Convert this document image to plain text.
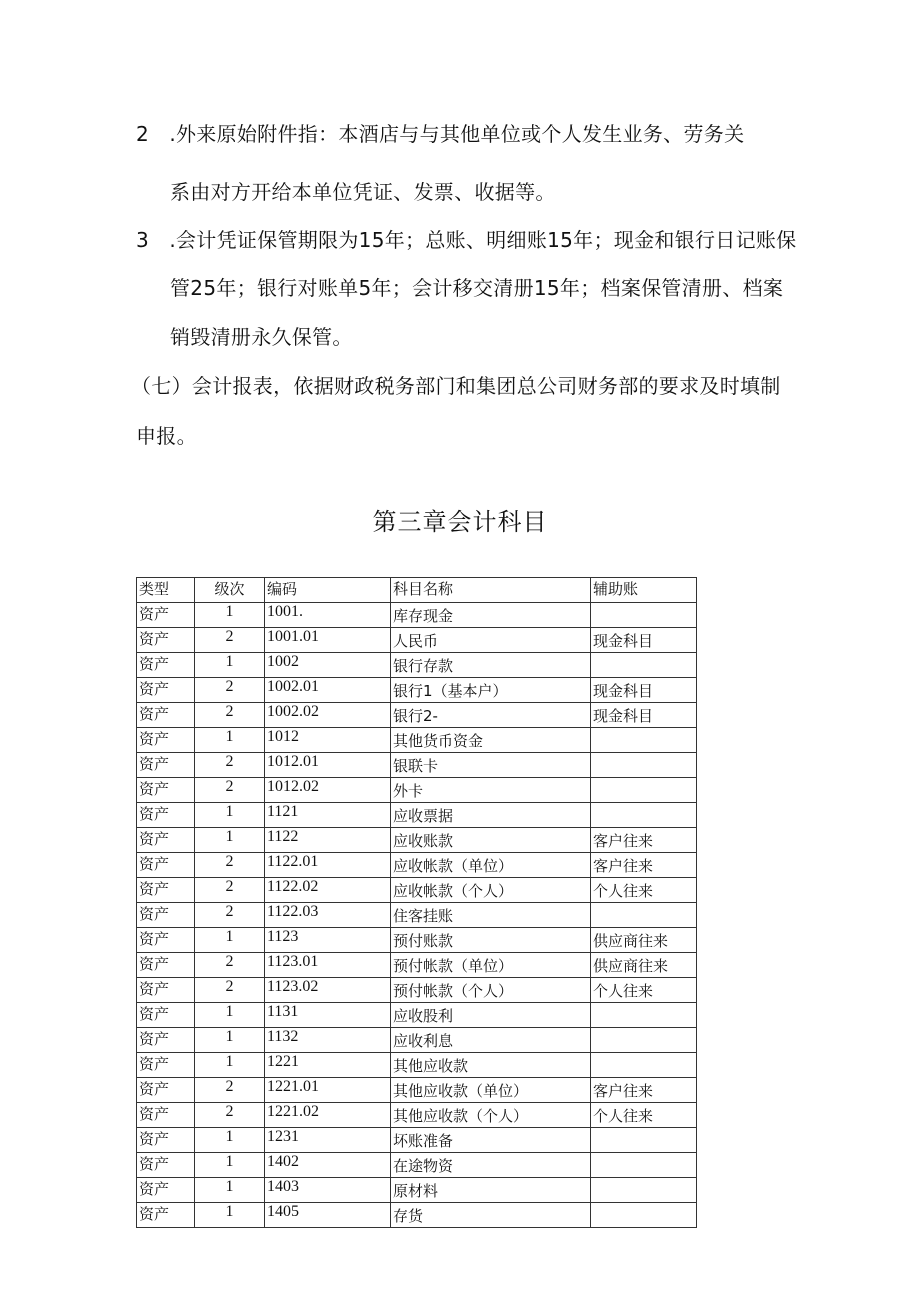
2 .外来原始附件指：本酒店与与其他单位或个人发生业务、劳务关
系由对方开给本单位凭证、发票、收据等。
3 .会计凭证保管期限为15年；总账、明细账15年；现金和银行日记账保
管25年；银行对账单5年；会计移交清册15年；档案保管清册、档案
销毁清册永久保管。
（七）会计报表，依据财政税务部门和集团总公司财务部的要求及时填制
申报。
第三章会计科目
类型	级次	编码	科目名称	辅助账
资产	1	1001.	库存现金	
资产	2	1001.01	人民币	现金科目
资产	1	1002	银行存款	
资产	2	1002.01	银行1（基本户）	现金科目
资产	2	1002.02	银行2-	现金科目
资产	1	1012	其他货币资金	
资产	2	1012.01	银联卡	
资产	2	1012.02	外卡	
资产	1	1121	应收票据	
资产	1	1122	应收账款	客户往来
资产	2	1122.01	应收帐款（单位）	客户往来
资产	2	1122.02	应收帐款（个人）	个人往来
资产	2	1122.03	住客挂账	
资产	1	1123	预付账款	供应商往来
资产	2	1123.01	预付帐款（单位）	供应商往来
资产	2	1123.02	预付帐款（个人）	个人往来
资产	1	1131	应收股利	
资产	1	1132	应收利息	
资产	1	1221	其他应收款	
资产	2	1221.01	其他应收款（单位）	客户往来
资产	2	1221.02	其他应收款（个人）	个人往来
资产	1	1231	坏账准备	
资产	1	1402	在途物资	
资产	1	1403	原材料	
资产	1	1405	存货	
